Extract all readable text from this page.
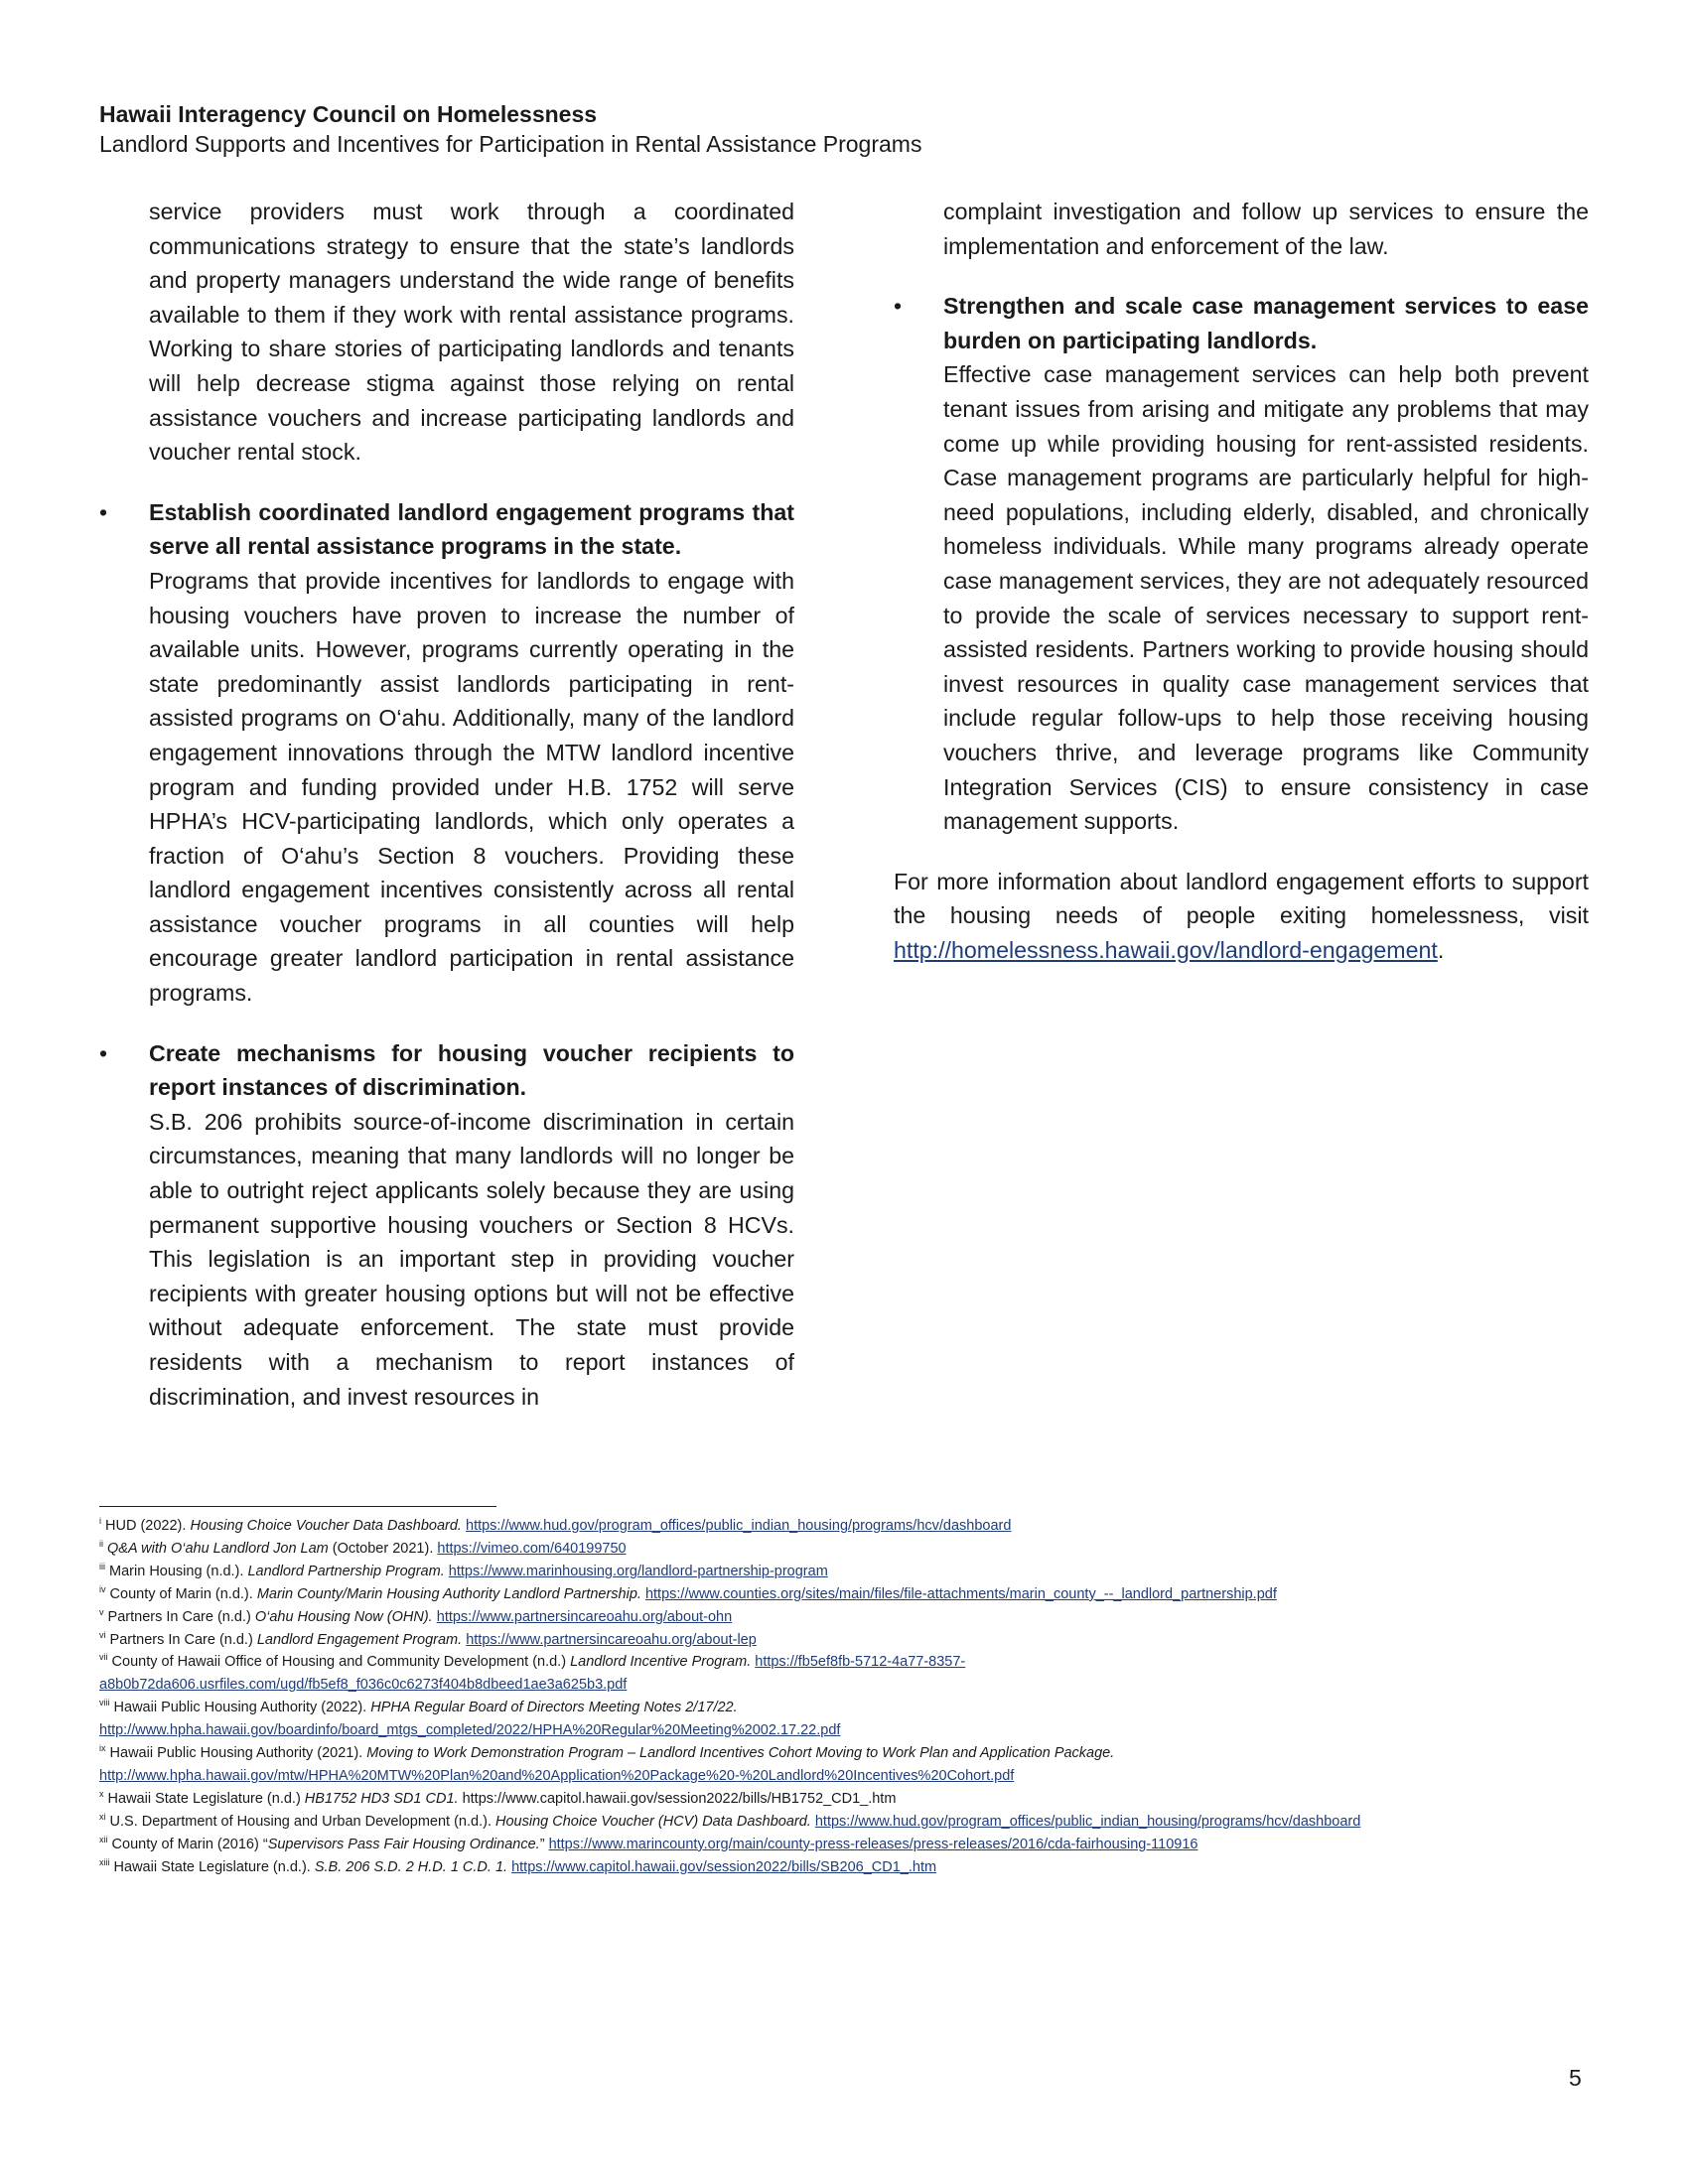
Hawaii Interagency Council on Homelessness
Landlord Supports and Incentives for Participation in Rental Assistance Programs

service providers must work through a coordinated communications strategy to ensure that the state’s landlords and property managers understand the wide range of benefits available to them if they work with rental assistance programs. Working to share stories of participating landlords and tenants will help decrease stigma against those relying on rental assistance vouchers and increase participating landlords and voucher rental stock.

• Establish coordinated landlord engagement programs that serve all rental assistance programs in the state.

Programs that provide incentives for landlords to engage with housing vouchers have proven to increase the number of available units. However, programs currently operating in the state predominantly assist landlords participating in rent-assisted programs on O‘ahu. Additionally, many of the landlord engagement innovations through the MTW landlord incentive program and funding provided under H.B. 1752 will serve HPHA’s HCV-participating landlords, which only operates a fraction of O‘ahu’s Section 8 vouchers. Providing these landlord engagement incentives consistently across all rental assistance voucher programs in all counties will help encourage greater landlord participation in rental assistance programs.

• Create mechanisms for housing voucher recipients to report instances of discrimination.

S.B. 206 prohibits source-of-income discrimination in certain circumstances, meaning that many landlords will no longer be able to outright reject applicants solely because they are using permanent supportive housing vouchers or Section 8 HCVs. This legislation is an important step in providing voucher recipients with greater housing options but will not be effective without adequate enforcement. The state must provide residents with a mechanism to report instances of discrimination, and invest resources in

complaint investigation and follow up services to ensure the implementation and enforcement of the law.

• Strengthen and scale case management services to ease burden on participating landlords.

Effective case management services can help both prevent tenant issues from arising and mitigate any problems that may come up while providing housing for rent-assisted residents. Case management programs are particularly helpful for high-need populations, including elderly, disabled, and chronically homeless individuals. While many programs already operate case management services, they are not adequately resourced to provide the scale of services necessary to support rent-assisted residents. Partners working to provide housing should invest resources in quality case management services that include regular follow-ups to help those receiving housing vouchers thrive, and leverage programs like Community Integration Services (CIS) to ensure consistency in case management supports.

For more information about landlord engagement efforts to support the housing needs of people exiting homelessness, visit http://homelessness.hawaii.gov/landlord-engagement.

$^i$ HUD (2022). Housing Choice Voucher Data Dashboard. https://www.hud.gov/program_offices/public_indian_housing/programs/hcv/dashboard
$^{ii}$ Q&A with O‘ahu Landlord Jon Lam (October 2021). https://vimeo.com/640199750
$^{iii}$ Marin Housing (n.d.). Landlord Partnership Program. https://www.marinhousing.org/landlord-partnership-program
$^{iv}$ County of Marin (n.d.). Marin County/Marin Housing Authority Landlord Partnership. https://www.counties.org/sites/main/files/file-attachments/marin_county_--_landlord_partnership.pdf
$^v$ Partners In Care (n.d.) O‘ahu Housing Now (OHN). https://www.partnersincareoahu.org/about-ohn
$^{vi}$ Partners In Care (n.d.) Landlord Engagement Program. https://www.partnersincareoahu.org/about-lep
$^{vii}$ County of Hawaii Office of Housing and Community Development (n.d.) Landlord Incentive Program. https://fb5ef8fb-5712-4a77-8357-
a8b0b72da606.usrfiles.com/ugd/fb5ef8_f036c0c6273f404b8dbeed1ae3a625b3.pdf
$^{viii}$ Hawaii Public Housing Authority (2022). HPHA Regular Board of Directors Meeting Notes 2/17/22.
http://www.hpha.hawaii.gov/boardinfo/board_mtgs_completed/2022/HPHA%20Regular%20Meeting%2002.17.22.pdf
$^{ix}$ Hawaii Public Housing Authority (2021). Moving to Work Demonstration Program – Landlord Incentives Cohort Moving to Work Plan and Application Package.
http://www.hpha.hawaii.gov/mtw/HPHA%20MTW%20Plan%20and%20Application%20Package%20-%20Landlord%20Incentives%20Cohort.pdf
$^x$ Hawaii State Legislature (n.d.) HB1752 HD3 SD1 CD1. https://www.capitol.hawaii.gov/session2022/bills/HB1752_CD1_.htm
$^{xi}$ U.S. Department of Housing and Urban Development (n.d.). Housing Choice Voucher (HCV) Data Dashboard. https://www.hud.gov/program_offices/public_indian_housing/programs/hcv/dashboard
$^{xii}$ County of Marin (2016) “Supervisors Pass Fair Housing Ordinance.” https://www.marincounty.org/main/county-press-releases/press-releases/2016/cda-fairhousing-110916
$^{xiii}$ Hawaii State Legislature (n.d.). S.B. 206 S.D. 2 H.D. 1 C.D. 1. https://www.capitol.hawaii.gov/session2022/bills/SB206_CD1_.htm
5
